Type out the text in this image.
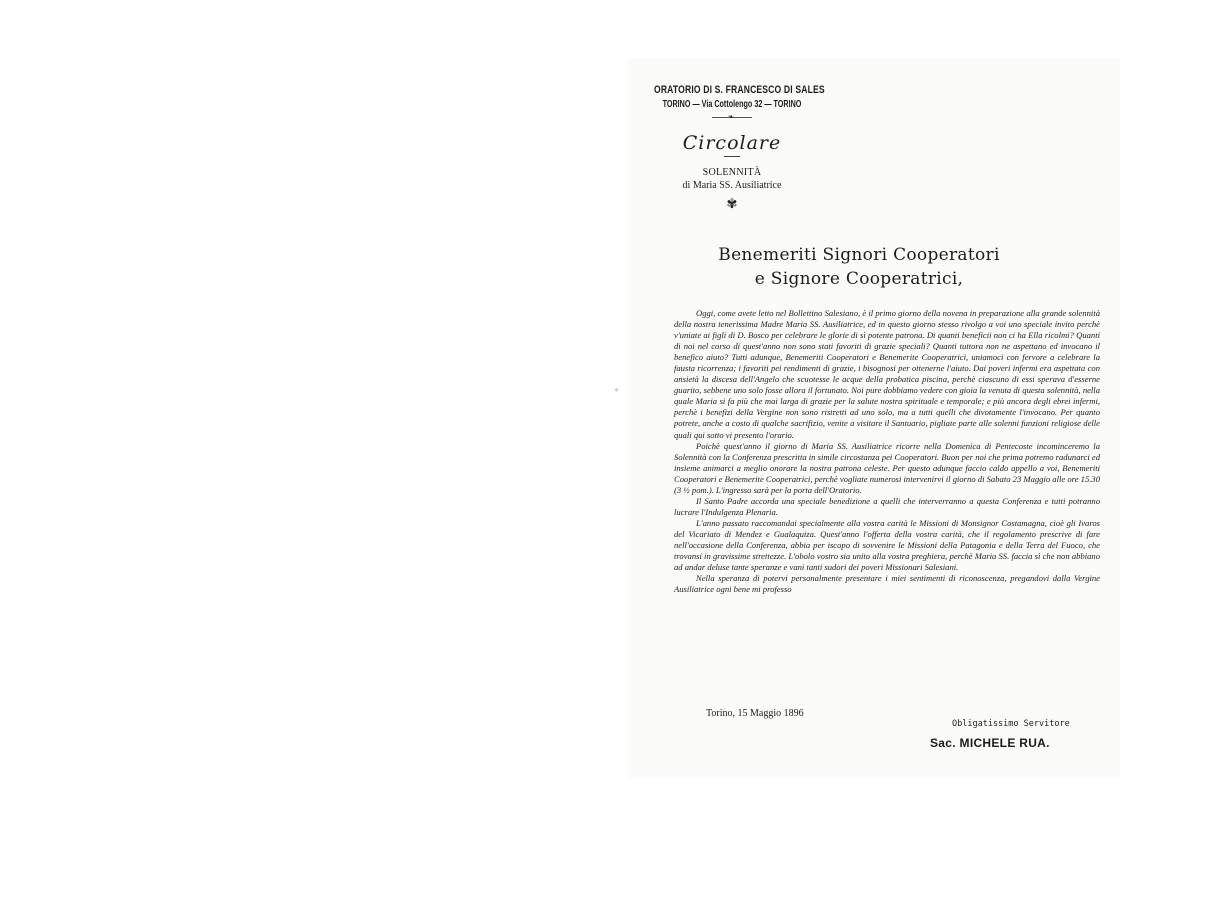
✧
ORATORIO DI S. FRANCESCO DI SALES
TORINO — Via Cottolengo 32 — TORINO
❧
Circolare
SOLENNITÀ
di Maria SS. Ausiliatrice
✾
Benemeriti Signori Cooperatori
e Signore Cooperatrici,

Oggi, come avete letto nel Bollettino Salesiano, è il primo giorno della novena in preparazione alla grande solennità della nostra tenerissima Madre Maria SS. Ausiliatrice, ed in questo giorno stesso rivolgo a voi uno speciale invito perchè v'uniate ai figli di D. Bosco per celebrare le glorie di sì potente patrona. Di quanti beneficii non ci ha Ella ricolmi? Quanti di noi nel corso di quest'anno non sono stati favoriti di grazie speciali? Quanti tuttora non ne aspettano ed invocano il benefico aiuto? Tutti adunque, Benemeriti Cooperatori e Benemerite Cooperatrici, uniamoci con fervore a celebrare la fausta ricorrenza; i favoriti pei rendimenti di grazie, i bisognosi per ottenerne l'aiuto. Dai poveri infermi era aspettata con ansietà la discesa dell'Angelo che scuotesse le acque della probatica piscina, perchè ciascuno di essi sperava d'esserne guarito, sebbene uno solo fosse allora il fortunato. Noi pure dobbiamo vedere con gioia la venuta di questa solennità, nella quale Maria si fa più che mai larga di grazie per la salute nostra spirituale e temporale; e più ancora degli ebrei infermi, perchè i benefizi della Vergine non sono ristretti ad uno solo, ma a tutti quelli che divotamente l'invocano. Per quanto potrete, anche a costo di qualche sacrifizio, venite a visitare il Santuario, pigliate parte alle solenni funzioni religiose delle quali qui sotto vi presento l'orario.

Poichè quest'anno il giorno di Maria SS. Ausiliatrice ricorre nella Domenica di Pentecoste incominceremo la Solennità con la Conferenza prescritta in simile circostanza pei Cooperatori. Buon per noi che prima potremo radunarci ed insieme animarci a meglio onorare la nostra patrona celeste. Per questo adunque faccio caldo appello a voi, Benemeriti Cooperatori e Benemerite Cooperatrici, perchè vogliate numerosi intervenirvi il giorno di Sabato 23 Maggio alle ore 15.30 (3 ½ pom.). L'ingresso sarà per la porta dell'Oratorio.

Il Santo Padre accorda una speciale benedizione a quelli che interverranno a questa Conferenza e tutti potranno lucrare l'Indulgenza Plenaria.

L'anno passato raccomandai specialmente alla vostra carità le Missioni di Monsignor Costamagna, cioè gli Ivaros del Vicariato di Mendez e Gualaquiza. Quest'anno l'offerta della vostra carità, che il regolamento prescrive di fare nell'occasione della Conferenza, abbia per iscopo di sovvenire le Missioni della Patagonia e della Terra del Fuoco, che trovansi in gravissime strettezze. L'obolo vostro sia unito alla vostra preghiera, perchè Maria SS. faccia sì che non abbiano ad andar deluse tante speranze e vani tanti sudori dei poveri Missionari Salesiani.

Nella speranza di potervi personalmente presentare i miei sentimenti di riconoscenza, pregandovi dalla Vergine Ausiliatrice ogni bene mi professo

Torino, 15 Maggio 1896
Obligatissimo Servitore
Sac. MICHELE RUA.
